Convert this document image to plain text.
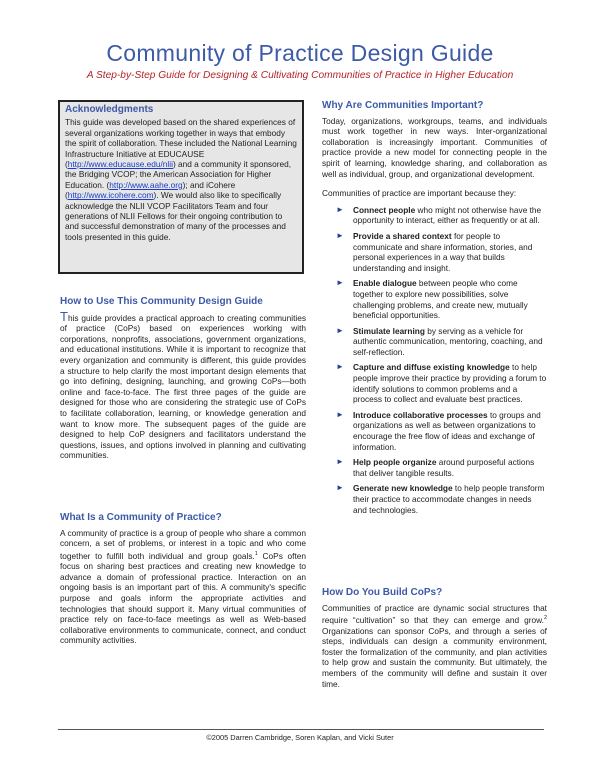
Community of Practice Design Guide
A Step-by-Step Guide for Designing & Cultivating Communities of Practice in Higher Education
Acknowledgments

This guide was developed based on the shared experiences of several organizations working together in ways that embody the spirit of collaboration. These included the National Learning Infrastructure Initiative at EDUCAUSE (http://www.educause.edu/nlii) and a community it sponsored, the Bridging VCOP; the American Association for Higher Education. (http://www.aahe.org); and iCohere (http://www.icohere.com). We would also like to specifically acknowledge the NLII VCOP Facilitators Team and four generations of NLII Fellows for their ongoing contribution to and successful demonstration of many of the processes and tools presented in this guide.

How to Use This Community Design Guide

This guide provides a practical approach to creating communities of practice (CoPs) based on experiences working with corporations, nonprofits, associations, government organizations, and educational institutions. While it is important to recognize that every organization and community is different, this guide provides a structure to help clarify the most important design elements that go into defining, designing, launching, and growing CoPs—both online and face-to-face. The first three pages of the guide are designed for those who are considering the strategic use of CoPs to facilitate collaboration, learning, or knowledge generation and want to know more. The subsequent pages of the guide are designed to help CoP designers and facilitators understand the questions, issues, and options involved in planning and cultivating communities.

What Is a Community of Practice?

A community of practice is a group of people who share a common concern, a set of problems, or interest in a topic and who come together to fulfill both individual and group goals.$^1$ CoPs often focus on sharing best practices and creating new knowledge to advance a domain of professional practice. Interaction on an ongoing basis is an important part of this. A community's specific purpose and goals inform the appropriate activities and technologies that should support it. Many virtual communities of practice rely on face-to-face meetings as well as Web-based collaborative environments to communicate, connect, and conduct community activities.

Why Are Communities Important?

Today, organizations, workgroups, teams, and individuals must work together in new ways. Inter-organizational collaboration is increasingly important. Communities of practice provide a new model for connecting people in the spirit of learning, knowledge sharing, and collaboration as well as individual, group, and organizational development.

Communities of practice are important because they:

► Connect people who might not otherwise have the opportunity to interact, either as frequently or at all.
► Provide a shared context for people to communicate and share information, stories, and personal experiences in a way that builds understanding and insight.
► Enable dialogue between people who come together to explore new possibilities, solve challenging problems, and create new, mutually beneficial opportunities.
► Stimulate learning by serving as a vehicle for authentic communication, mentoring, coaching, and self-reflection.
► Capture and diffuse existing knowledge to help people improve their practice by providing a forum to identify solutions to common problems and a process to collect and evaluate best practices.
► Introduce collaborative processes to groups and organizations as well as between organizations to encourage the free flow of ideas and exchange of information.
► Help people organize around purposeful actions that deliver tangible results.
► Generate new knowledge to help people transform their practice to accommodate changes in needs and technologies.
How Do You Build CoPs?

Communities of practice are dynamic social structures that require “cultivation” so that they can emerge and grow.$^2$ Organizations can sponsor CoPs, and through a series of steps, individuals can design a community environment, foster the formalization of the community, and plan activities to help grow and sustain the community. But ultimately, the members of the community will define and sustain it over time.

©2005 Darren Cambridge, Soren Kaplan, and Vicki Suter
